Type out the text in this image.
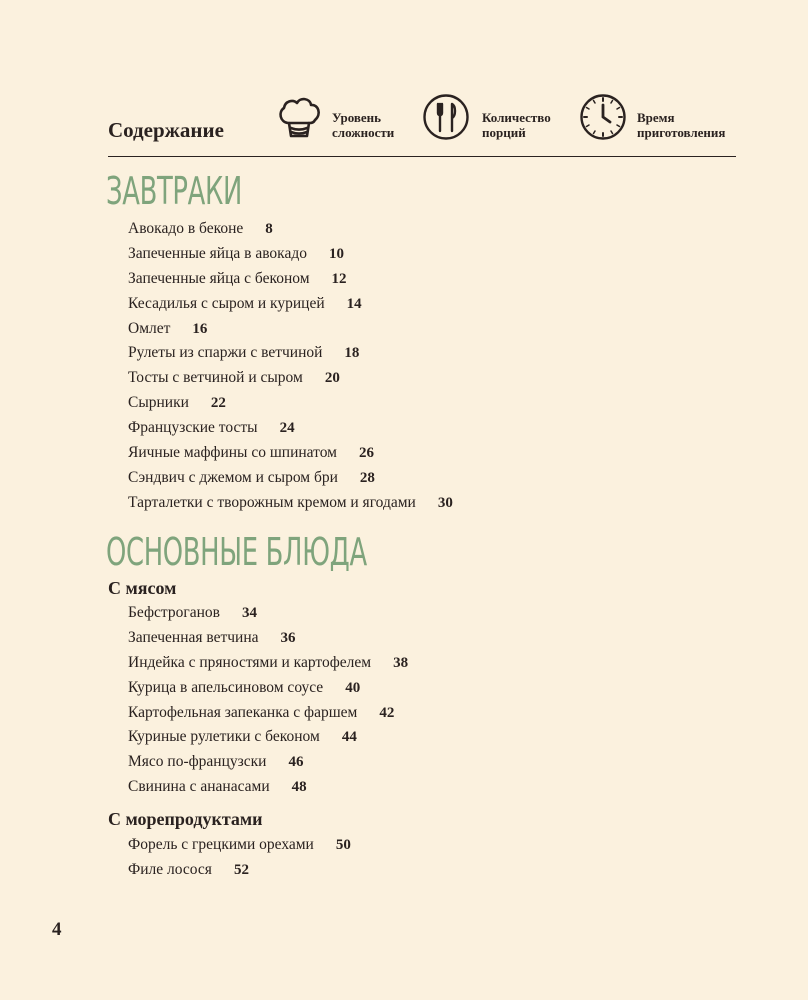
Содержание
Уровень
сложности
Количество
порций
Время
приготовления
ЗАВТРАКИ
Авокадо в беконе 8
Запеченные яйца в авокадо 10
Запеченные яйца с беконом 12
Кесадилья с сыром и курицей 14
Омлет 16
Рулеты из спаржи с ветчиной 18
Тосты с ветчиной и сыром 20
Сырники 22
Французские тосты 24
Яичные маффины со шпинатом 26
Сэндвич с джемом и сыром бри 28
Тарталетки с творожным кремом и ягодами 30
ОСНОВНЫЕ БЛЮДА
С мясом
Бефстроганов 34
Запеченная ветчина 36
Индейка с пряностями и картофелем 38
Курица в апельсиновом соусе 40
Картофельная запеканка с фаршем 42
Куриные рулетики с беконом 44
Мясо по-французски 46
Свинина с ананасами 48
С морепродуктами
Форель с грецкими орехами 50
Филе лосося 52
4
